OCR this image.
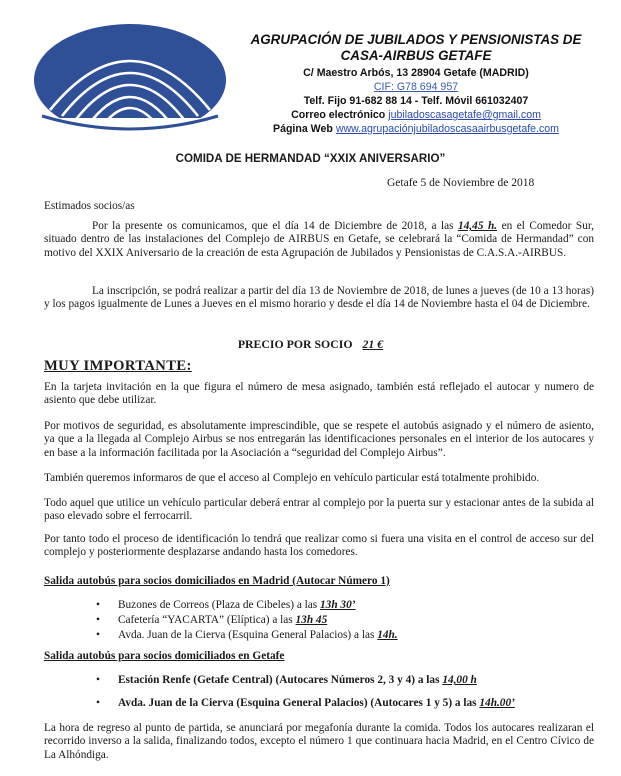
AGRUPACIÓN DE JUBILADOS Y PENSIONISTAS DE
CASA-AIRBUS GETAFE
C/ Maestro Arbós, 13 28904 Getafe (MADRID)
CIF: G78 694 957
Telf. Fijo 91-682 88 14 - Telf. Móvil 661032407
Correo electrónico jubiladoscasagetafe@gmail.com
Página Web www.agrupaciónjubiladoscasaairbusgetafe.com
COMIDA DE HERMANDAD “XXIX ANIVERSARIO”
Getafe 5 de Noviembre de 2018
Estimados socios/as
Por la presente os comunicamos, que el día 14 de Diciembre de 2018, a las 14,45 h. en el Comedor Sur, situado dentro de las instalaciones del Complejo de AIRBUS en Getafe, se celebrará la “Comida de Hermandad” con motivo del XXIX Aniversario de la creación de esta Agrupación de Jubilados y Pensionistas de C.A.S.A.-AIRBUS.
La inscripción, se podrá realizar a partir del día 13 de Noviembre de 2018, de lunes a jueves (de 10 a 13 horas) y los pagos igualmente de Lunes a Jueves en el mismo horario y desde el día 14 de Noviembre hasta el 04 de Diciembre.
PRECIO POR SOCIO 21 €
MUY IMPORTANTE:
En la tarjeta invitación en la que figura el número de mesa asignado, también está reflejado el autocar y numero de asiento que debe utilizar.
Por motivos de seguridad, es absolutamente imprescindible, que se respete el autobús asignado y el número de asiento, ya que a la llegada al Complejo Airbus se nos entregarán las identificaciones personales en el interior de los autocares y en base a la información facilitada por la Asociación a “seguridad del Complejo Airbus”.
También queremos informaros de que el acceso al Complejo en vehículo particular está totalmente prohibido.
Todo aquel que utilice un vehículo particular deberá entrar al complejo por la puerta sur y estacionar antes de la subida al paso elevado sobre el ferrocarril.
Por tanto todo el proceso de identificación lo tendrá que realizar como si fuera una visita en el control de acceso sur del complejo y posteriormente desplazarse andando hasta los comedores.
Salida autobús para socios domiciliados en Madrid (Autocar Número 1)
• Buzones de Correos (Plaza de Cibeles) a las 13h 30’
• Cafetería “YACARTA” (Elíptica) a las 13h 45
• Avda. Juan de la Cierva (Esquina General Palacios) a las 14h.
Salida autobús para socios domiciliados en Getafe
• Estación Renfe (Getafe Central) (Autocares Números 2, 3 y 4) a las 14,00 h
• Avda. Juan de la Cierva (Esquina General Palacios) (Autocares 1 y 5) a las 14h.00’
La hora de regreso al punto de partida, se anunciará por megafonía durante la comida. Todos los autocares realizaran el recorrido inverso a la salida, finalizando todos, excepto el número 1 que continuara hacia Madrid, en el Centro Cívico de La Alhóndiga.
